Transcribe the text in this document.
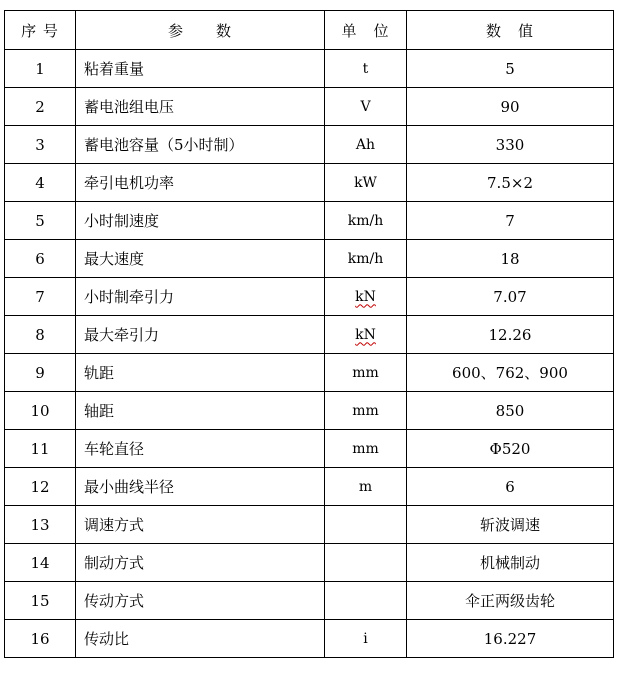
序 号	参　　数	单　位	数　值
1	粘着重量	t	5
2	蓄电池组电压	V	90
3	蓄电池容量（5小时制）	Ah	330
4	牵引电机功率	kW	7.5×2
5	小时制速度	km/h	7
6	最大速度	km/h	18
7	小时制牵引力	kN	7.07
8	最大牵引力	kN	12.26
9	轨距	mm	600、762、900
10	轴距	mm	850
11	车轮直径	mm	Φ520
12	最小曲线半径	m	6
13	调速方式		斩波调速
14	制动方式		机械制动
15	传动方式		伞正两级齿轮
16	传动比	i	16.227
